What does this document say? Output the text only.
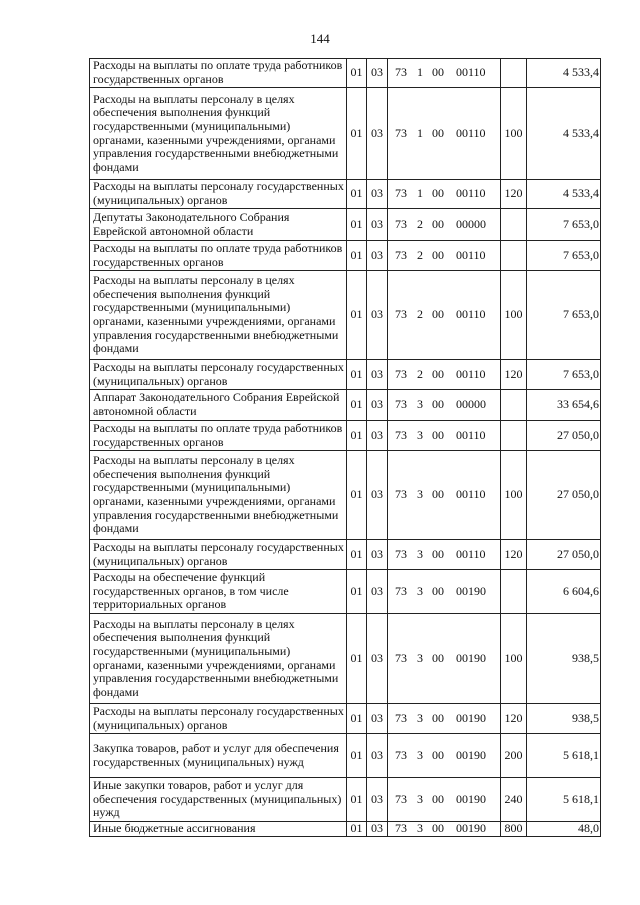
144
Расходы на выплаты по оплате труда работников государственных органов	01	03	73 1 00 00110		4 533,4
Расходы на выплаты персоналу в целях обеспечения выполнения функций государственными (муниципальными) органами, казенными учреждениями, органами управления государственными внебюджетными фондами	01	03	73 1 00 00110	100	4 533,4
Расходы на выплаты персоналу государственных (муниципальных) органов	01	03	73 1 00 00110	120	4 533,4
Депутаты Законодательного Собрания Еврейской автономной области	01	03	73 2 00 00000		7 653,0
Расходы на выплаты по оплате труда работников государственных органов	01	03	73 2 00 00110		7 653,0
Расходы на выплаты персоналу в целях обеспечения выполнения функций государственными (муниципальными) органами, казенными учреждениями, органами управления государственными внебюджетными фондами	01	03	73 2 00 00110	100	7 653,0
Расходы на выплаты персоналу государственных (муниципальных) органов	01	03	73 2 00 00110	120	7 653,0
Аппарат Законодательного Собрания Еврейской автономной области	01	03	73 3 00 00000		33 654,6
Расходы на выплаты по оплате труда работников государственных органов	01	03	73 3 00 00110		27 050,0
Расходы на выплаты персоналу в целях обеспечения выполнения функций государственными (муниципальными) органами, казенными учреждениями, органами управления государственными внебюджетными фондами	01	03	73 3 00 00110	100	27 050,0
Расходы на выплаты персоналу государственных (муниципальных) органов	01	03	73 3 00 00110	120	27 050,0
Расходы на обеспечение функций государственных органов, в том числе территориальных органов	01	03	73 3 00 00190		6 604,6
Расходы на выплаты персоналу в целях обеспечения выполнения функций государственными (муниципальными) органами, казенными учреждениями, органами управления государственными внебюджетными фондами	01	03	73 3 00 00190	100	938,5
Расходы на выплаты персоналу государственных (муниципальных) органов	01	03	73 3 00 00190	120	938,5
Закупка товаров, работ и услуг для обеспечения государственных (муниципальных) нужд	01	03	73 3 00 00190	200	5 618,1
Иные закупки товаров, работ и услуг для обеспечения государственных (муниципальных) нужд	01	03	73 3 00 00190	240	5 618,1
Иные бюджетные ассигнования	01	03	73 3 00 00190	800	48,0
